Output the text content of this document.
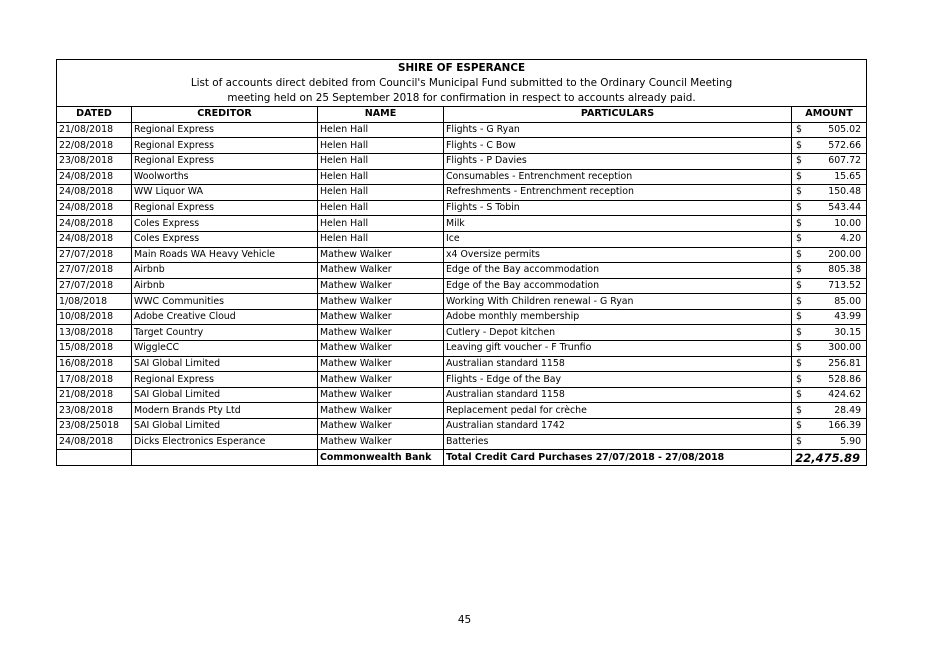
SHIRE OF ESPERANCE				
List of accounts direct debited from Council's Municipal Fund submitted to the Ordinary Council Meeting				
meeting held on 25 September 2018 for confirmation in respect to accounts already paid.				
DATED	CREDITOR	NAME	PARTICULARS	AMOUNT
21/08/2018	Regional Express	Helen Hall	Flights - G Ryan	$ 505.02

22/08/2018	Regional Express	Helen Hall	Flights - C Bow	$ 572.66

23/08/2018	Regional Express	Helen Hall	Flights - P Davies	$ 607.72

24/08/2018	Woolworths	Helen Hall	Consumables - Entrenchment reception	$ 15.65

24/08/2018	WW Liquor WA	Helen Hall	Refreshments - Entrenchment reception	$ 150.48

24/08/2018	Regional Express	Helen Hall	Flights - S Tobin	$ 543.44

24/08/2018	Coles Express	Helen Hall	Milk	$ 10.00

24/08/2018	Coles Express	Helen Hall	Ice	$ 4.20

27/07/2018	Main Roads WA Heavy Vehicle	Mathew Walker	x4 Oversize permits	$ 200.00

27/07/2018	Airbnb	Mathew Walker	Edge of the Bay accommodation	$ 805.38

27/07/2018	Airbnb	Mathew Walker	Edge of the Bay accommodation	$ 713.52

1/08/2018	WWC Communities	Mathew Walker	Working With Children renewal - G Ryan	$ 85.00

10/08/2018	Adobe Creative Cloud	Mathew Walker	Adobe monthly membership	$ 43.99

13/08/2018	Target Country	Mathew Walker	Cutlery - Depot kitchen	$ 30.15

15/08/2018	WiggleCC	Mathew Walker	Leaving gift voucher - F Trunfio	$ 300.00

16/08/2018	SAI Global Limited	Mathew Walker	Australian standard 1158	$ 256.81

17/08/2018	Regional Express	Mathew Walker	Flights - Edge of the Bay	$ 528.86

21/08/2018	SAI Global Limited	Mathew Walker	Australian standard 1158	$ 424.62

23/08/2018	Modern Brands Pty Ltd	Mathew Walker	Replacement pedal for crèche	$ 28.49

23/08/25018	SAI Global Limited	Mathew Walker	Australian standard 1742	$ 166.39

24/08/2018	Dicks Electronics Esperance	Mathew Walker	Batteries	$ 5.90

		Commonwealth Bank	Total Credit Card Purchases 27/07/2018 - 27/08/2018	22,475.89
45
